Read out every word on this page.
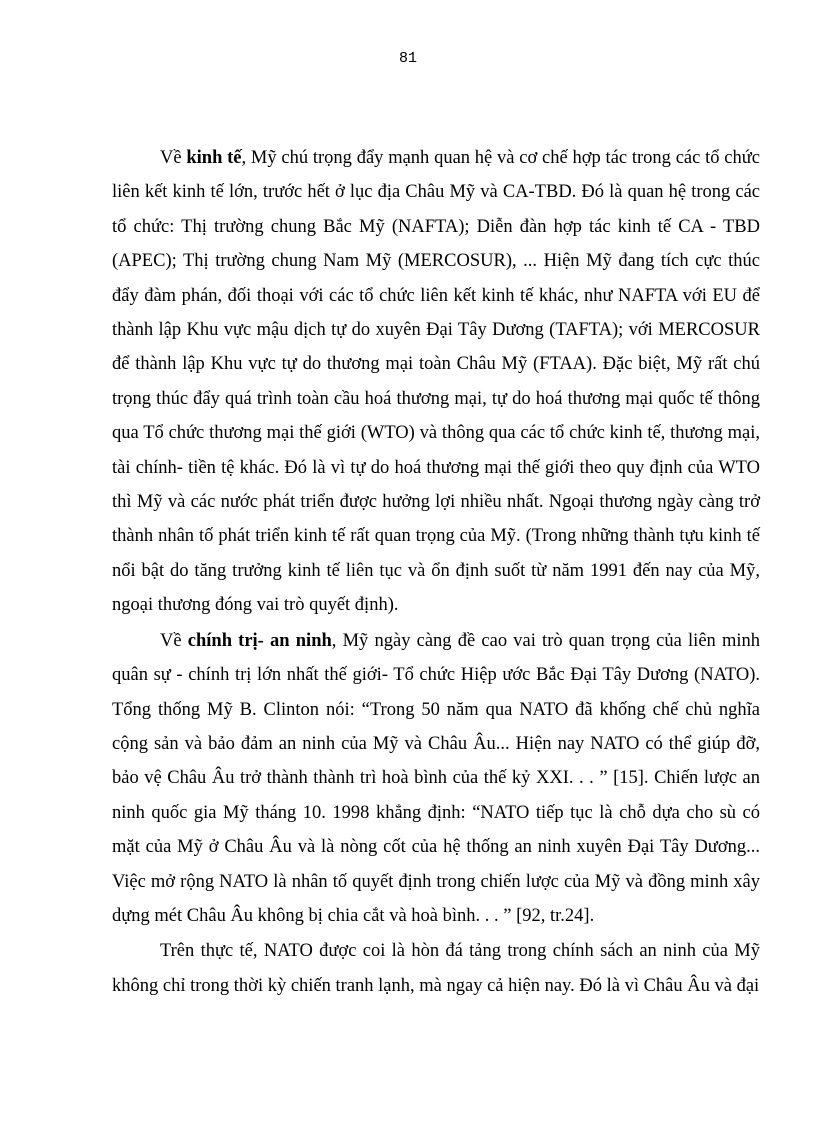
81

Về kinh tế, Mỹ chú trọng đẩy mạnh quan hệ và cơ chế hợp tác trong các tổ chức liên kết kinh tế lớn, trước hết ở lục địa Châu Mỹ và CA-TBD. Đó là quan hệ trong các tổ chức: Thị trường chung Bắc Mỹ (NAFTA); Diễn đàn hợp tác kinh tế CA - TBD (APEC); Thị trường chung Nam Mỹ (MERCOSUR), ... Hiện Mỹ đang tích cực thúc đẩy đàm phán, đối thoại với các tổ chức liên kết kinh tế khác, như NAFTA với EU để thành lập Khu vực mậu dịch tự do xuyên Đại Tây Dương (TAFTA); với MERCOSUR để thành lập Khu vực tự do thương mại toàn Châu Mỹ (FTAA). Đặc biệt, Mỹ rất chú trọng thúc đẩy quá trình toàn cầu hoá thương mại, tự do hoá thương mại quốc tế thông qua Tổ chức thương mại thế giới (WTO) và thông qua các tổ chức kinh tế, thương mại, tài chính- tiền tệ khác. Đó là vì tự do hoá thương mại thế giới theo quy định của WTO thì Mỹ và các nước phát triển được hưởng lợi nhiều nhất. Ngoại thương ngày càng trở thành nhân tố phát triển kinh tế rất quan trọng của Mỹ. (Trong những thành tựu kinh tế nổi bật do tăng trưởng kinh tế liên tục và ổn định suốt từ năm 1991 đến nay của Mỹ, ngoại thương đóng vai trò quyết định).

Về chính trị- an ninh, Mỹ ngày càng đề cao vai trò quan trọng của liên minh quân sự - chính trị lớn nhất thế giới- Tổ chức Hiệp ước Bắc Đại Tây Dương (NATO). Tổng thống Mỹ B. Clinton nói: “Trong 50 năm qua NATO đã khống chế chủ nghĩa cộng sản và bảo đảm an ninh của Mỹ và Châu Âu... Hiện nay NATO có thể giúp đỡ, bảo vệ Châu Âu trở thành thành trì hoà bình của thế kỷ XXI. . . ” [15]. Chiến lược an ninh quốc gia Mỹ tháng 10. 1998 khẳng định: “NATO tiếp tục là chỗ dựa cho sù có mặt của Mỹ ở Châu Âu và là nòng cốt của hệ thống an ninh xuyên Đại Tây Dương... Việc mở rộng NATO là nhân tố quyết định trong chiến lược của Mỹ và đồng minh xây dựng mét Châu Âu không bị chia cắt và hoà bình. . . ” [92, tr.24].

Trên thực tế, NATO được coi là hòn đá tảng trong chính sách an ninh của Mỹ không chỉ trong thời kỳ chiến tranh lạnh, mà ngay cả hiện nay. Đó là vì Châu Âu và đại
